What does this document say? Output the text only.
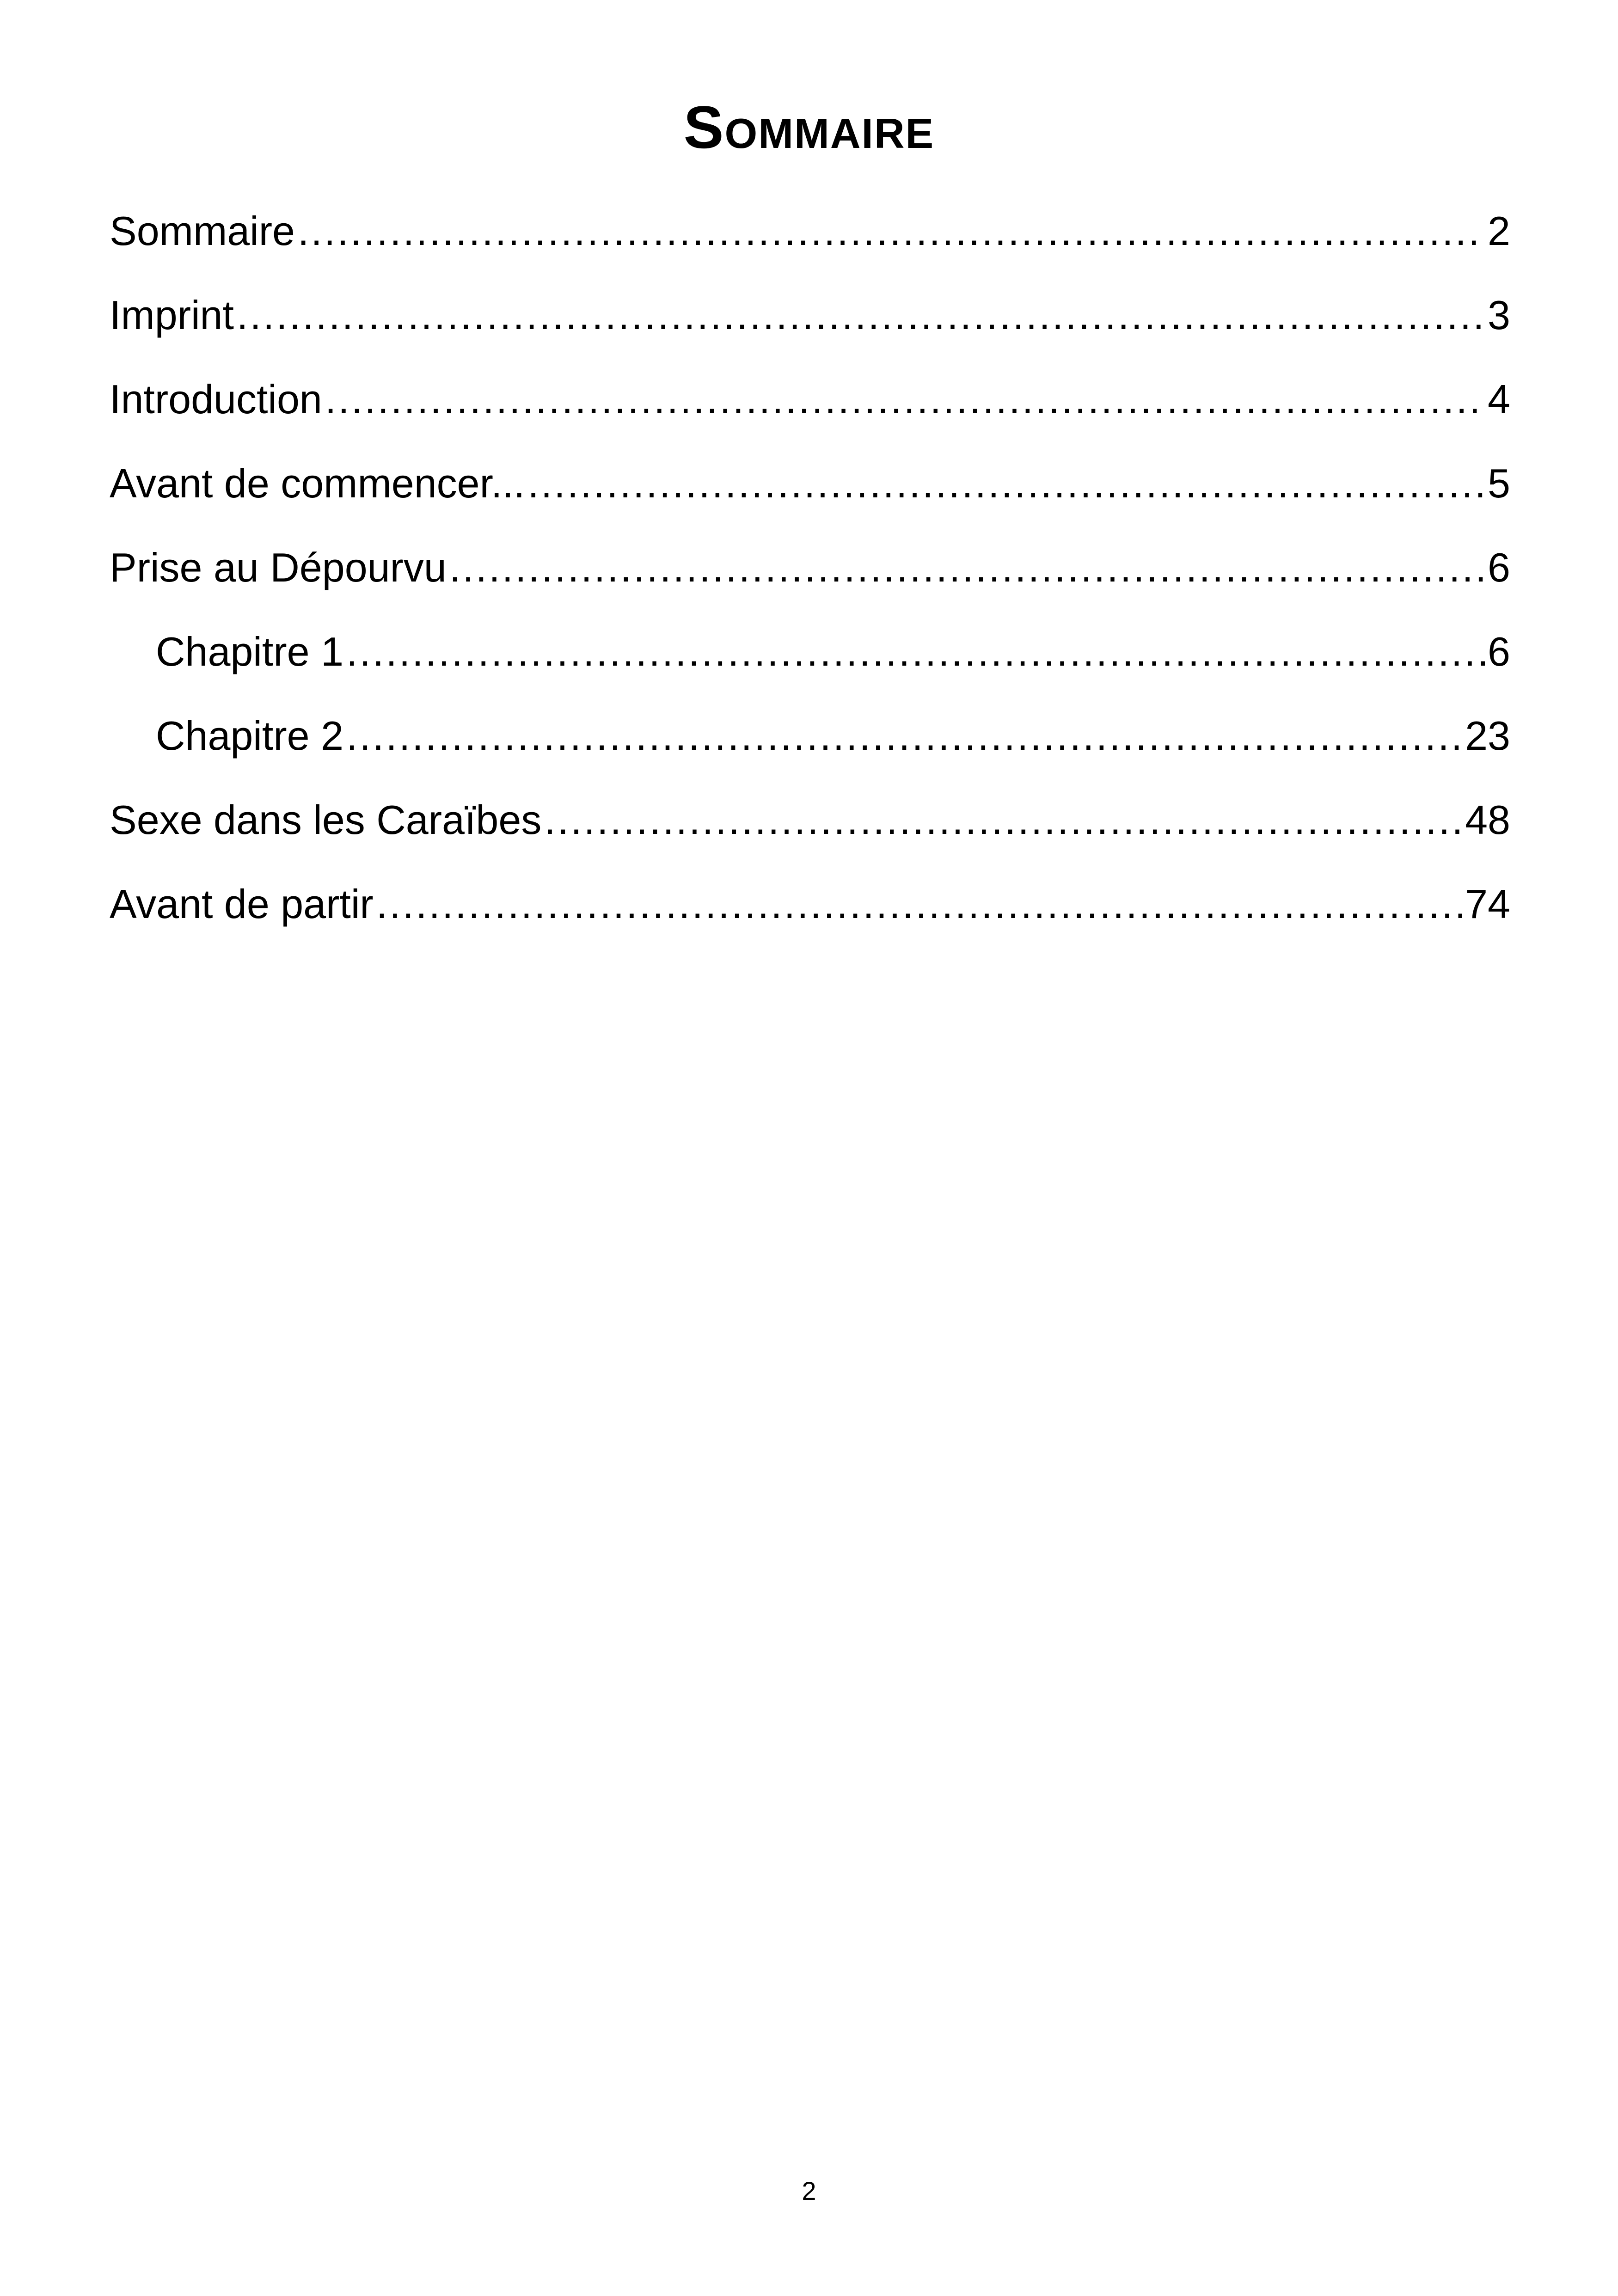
Sommaire
Sommaire .....	2
Imprint .....	3
Introduction .....	4
Avant de commencer... .....	5
Prise au Dépourvu .....	6
Chapitre 1 .....	6
Chapitre 2 .....	23
Sexe dans les Caraïbes .....	48
Avant de partir .....	74
2
